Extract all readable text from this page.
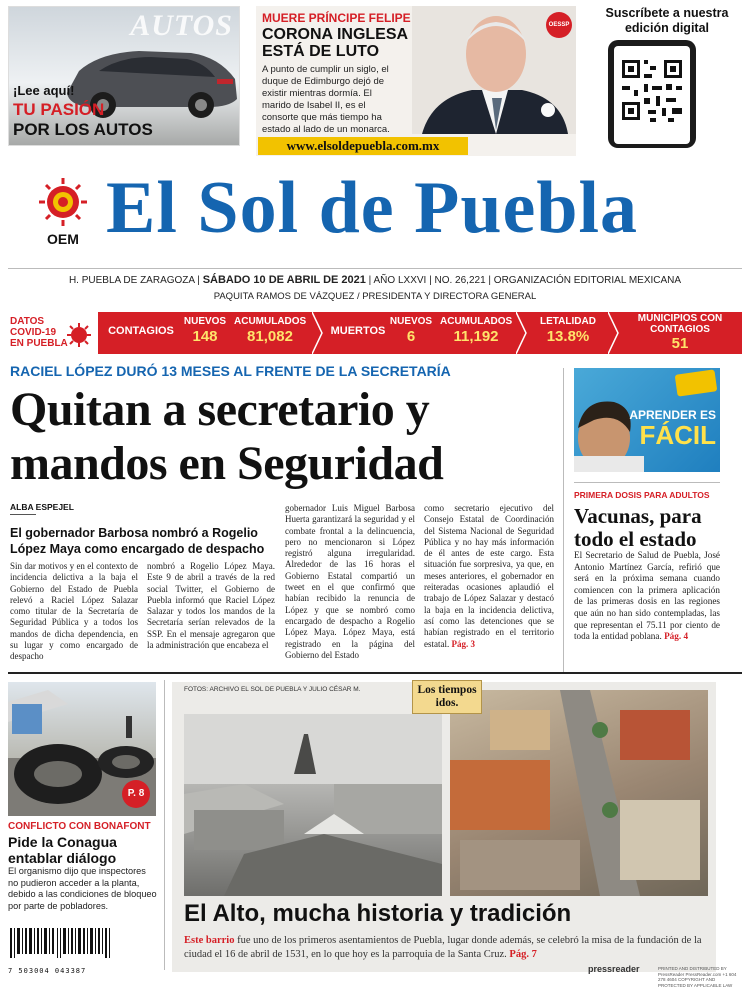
AUTOS
¡Lee aquí!
TU PASIÓN
POR LOS AUTOS
MUERE PRÍNCIPE FELIPE
CORONA INGLESA ESTÁ DE LUTO
A punto de cumplir un siglo, el duque de Edimburgo dejó de existir mientras dormía. El marido de Isabel II, es el consorte que más tiempo ha estado al lado de un monarca.
OESSP
www.elsoldepuebla.com.mx
Suscríbete a nuestra edición digital
OEM El Sol de Puebla
H. PUEBLA DE ZARAGOZA | SÁBADO 10 DE ABRIL DE 2021 | AÑO LXXVI | NO. 26,221 | ORGANIZACIÓN EDITORIAL MEXICANA
PAQUITA RAMOS DE VÁZQUEZ / PRESIDENTA Y DIRECTORA GENERAL
DATOS
COVID-19
EN PUEBLA
CONTAGIOS
NUEVOS
148
ACUMULADOS
81,082	MUERTOS
NUEVOS
6
ACUMULADOS
11,192
LETALIDAD
13.8%
MUNICIPIOS CON CONTAGIOS
51
RACIEL LÓPEZ DURÓ 13 MESES AL FRENTE DE LA SECRETARÍA
Quitan a secretario y mandos en Seguridad
ALBA ESPEJEL
El gobernador Barbosa nombró a Rogelio López Maya como encargado de despacho
Sin dar motivos y en el contexto de incidencia delictiva a la baja el Gobierno del Estado de Puebla relevó a Raciel López Salazar como titular de la Secretaría de Seguridad Pública y a todos los mandos de dicha dependencia, en su lugar y como encargado de despacho
nombró a Rogelio López Maya. Este 9 de abril a través de la red social Twitter, el Gobierno de Puebla informó que Raciel López Salazar y todos los mandos de la Secretaría serían relevados de la SSP. En el mensaje agregaron que la administración que encabeza el
gobernador Luis Miguel Barbosa Huerta garantizará la seguridad y el combate frontal a la delincuencia, pero no mencionaron si López registró alguna irregularidad. Alrededor de las 16 horas el Gobierno Estatal compartió un tweet en el que confirmó que habían recibido la renuncia de López y que se nombró como encargado de despacho a Rogelio López Maya. López Maya, está registrado en la página del Gobierno del Estado
como secretario ejecutivo del Consejo Estatal de Coordinación del Sistema Nacional de Seguridad Pública y no hay más información de él antes de este cargo. Esta situación fue sorpresiva, ya que, en meses anteriores, el gobernador en reiteradas ocasiones aplaudió el trabajo de López Salazar y destacó la baja en la incidencia delictiva, así como las detenciones que se habían registrado en el territorio estatal. Pág. 3
APRENDER ES
FÁCIL
PRIMERA DOSIS PARA ADULTOS
Vacunas, para todo el estado
El Secretario de Salud de Puebla, José Antonio Martínez García, refirió que será en la próxima semana cuando comiencen con la primera aplicación de las primeras dosis en las regiones que aún no han sido contempladas, las que representan el 75.11 por ciento de toda la entidad poblana. Pág. 4
P. 8
CONFLICTO CON BONAFONT
Pide la Conagua entablar diálogo
El organismo dijo que inspectores no pudieron acceder a la planta, debido a las condiciones de bloqueo por parte de pobladores.
7 503004 043387
FOTOS: ARCHIVO EL SOL DE PUEBLA Y JULIO CÉSAR M.	Los tiempos idos.
El Alto, mucha historia y tradición
Este barrio fue uno de los primeros asentamientos de Puebla, lugar donde además, se celebró la misa de la fundación de la ciudad el 16 de abril de 1531, en lo que hoy es la parroquia de la Santa Cruz. Pág. 7
pressreader	PRINTED AND DISTRIBUTED BY PressReader PressReader.com +1 604 278 4604 COPYRIGHT AND PROTECTED BY APPLICABLE LAW
